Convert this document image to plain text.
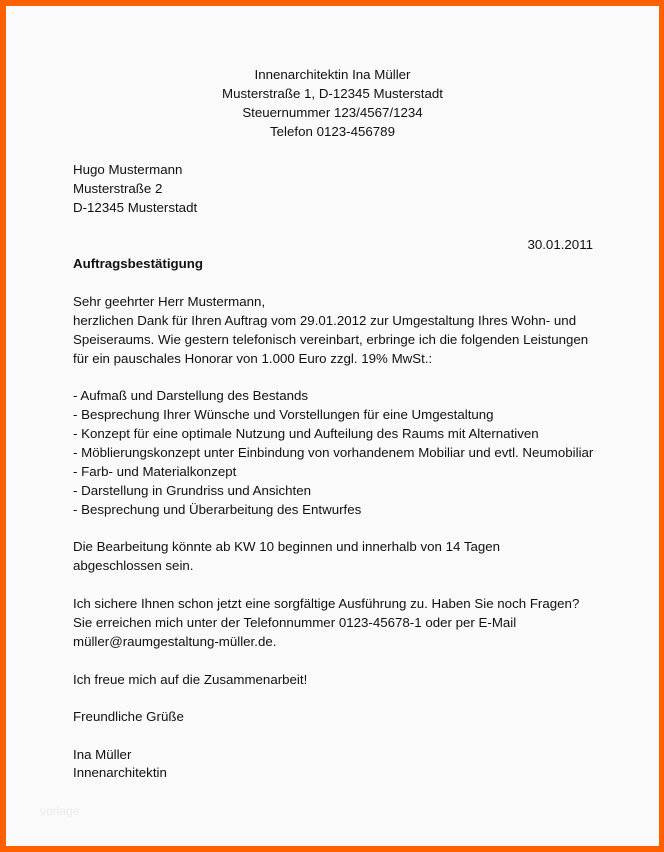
Innenarchitektin Ina Müller
Musterstraße 1, D-12345 Musterstadt
Steuernummer 123/4567/1234
Telefon 0123-456789
Hugo Mustermann
Musterstraße 2
D-12345 Musterstadt
30.01.2011
Auftragsbestätigung
Sehr geehrter Herr Mustermann,
herzlichen Dank für Ihren Auftrag vom 29.01.2012 zur Umgestaltung Ihres Wohn- und
Speiseraums. Wie gestern telefonisch vereinbart, erbringe ich die folgenden Leistungen
für ein pauschales Honorar von 1.000 Euro zzgl. 19% MwSt.:
- Aufmaß und Darstellung des Bestands
- Besprechung Ihrer Wünsche und Vorstellungen für eine Umgestaltung
- Konzept für eine optimale Nutzung und Aufteilung des Raums mit Alternativen
- Möblierungskonzept unter Einbindung von vorhandenem Mobiliar und evtl. Neumobiliar
- Farb- und Materialkonzept
- Darstellung in Grundriss und Ansichten
- Besprechung und Überarbeitung des Entwurfes
Die Bearbeitung könnte ab KW 10 beginnen und innerhalb von 14 Tagen
abgeschlossen sein.
Ich sichere Ihnen schon jetzt eine sorgfältige Ausführung zu. Haben Sie noch Fragen?
Sie erreichen mich unter der Telefonnummer 0123-45678-1 oder per E-Mail
müller@raumgestaltung-müller.de.
Ich freue mich auf die Zusammenarbeit!
Freundliche Grüße
Ina Müller
Innenarchitektin
vorlage
